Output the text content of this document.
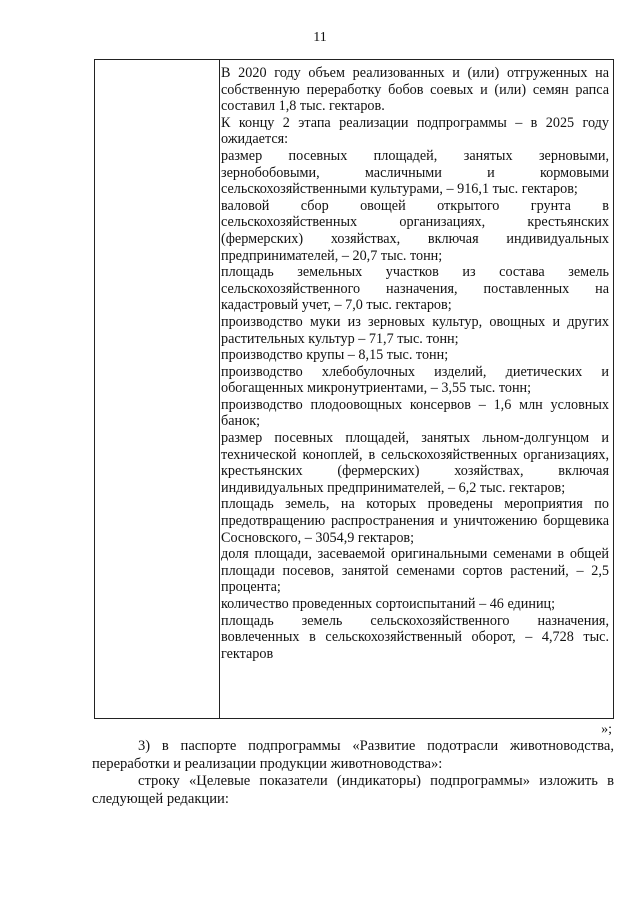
11

В 2020 году объем реализованных и (или) отгруженных на собственную переработку бобов соевых и (или) семян рапса составил 1,8 тыс. гектаров.

К концу 2 этапа реализации подпрограммы – в 2025 году ожидается:

размер посевных площадей, занятых зерновыми, зернобобовыми, масличными и кормовыми сельскохозяйственными культурами, – 916,1 тыс. гектаров;

валовой сбор овощей открытого грунта в сельскохозяйственных организациях, крестьянских (фермерских) хозяйствах, включая индивидуальных предпринимателей, – 20,7 тыс. тонн;

площадь земельных участков из состава земель сельскохозяйственного назначения, поставленных на кадастровый учет, – 7,0 тыс. гектаров;

производство муки из зерновых культур, овощных и других растительных культур – 71,7 тыс. тонн;

производство крупы – 8,15 тыс. тонн;

производство хлебобулочных изделий, диетических и обогащенных микронутриентами, – 3,55 тыс. тонн;

производство плодоовощных консервов – 1,6 млн условных банок;

размер посевных площадей, занятых льном-долгунцом и технической коноплей, в сельскохозяйственных организациях, крестьянских (фермерских) хозяйствах, включая индивидуальных предпринимателей, – 6,2 тыс. гектаров;

площадь земель, на которых проведены мероприятия по предотвращению распространения и уничтожению борщевика Сосновского, – 3054,9 гектаров;

доля площади, засеваемой оригинальными семенами в общей площади посевов, занятой семенами сортов растений, – 2,5 процента;

количество проведенных сортоиспытаний – 46 единиц;

площадь земель сельскохозяйственного назначения, вовлеченных в сельскохозяйственный оборот, – 4,728 тыс. гектаров

»;

3) в паспорте подпрограммы «Развитие подотрасли животноводства, переработки и реализации продукции животноводства»:

строку «Целевые показатели (индикаторы) подпрограммы» изложить в следующей редакции:
